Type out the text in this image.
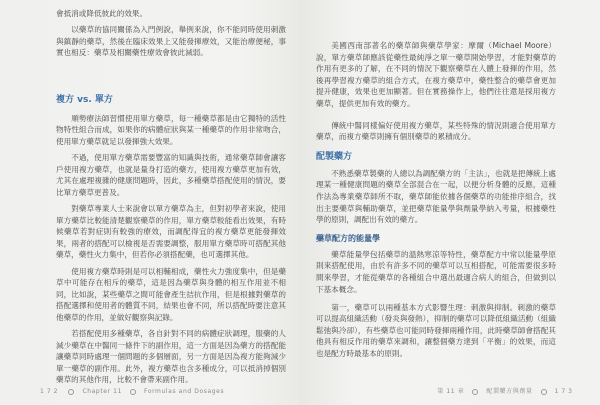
會抵消或降低彼此的效果。

以藥草的協同關係為入門例說，舉例來說，你不能同時使用刺激與鎮靜的藥草，然後在臨床效果上又能發揮療效，又能治療便秘，事實也相反：藥草及相關藥性療效會彼此減弱。

複方 vs. 單方

順勢療法師習慣使用單方藥草，每一種藥草都是由它獨特的活性物特性組合而成，如果你的病體症狀與某一種藥草的作用非常吻合，使用單方藥草就足以發揮強大效果。

不過，使用單方藥草需要豐富的知識與技術，通常藥草師會讓客戶使用複方藥草，也就是量身打造的藥方，使用複方藥草更加有效，尤其在處理複雜的健康問題時，因此，多種藥草搭配使用的情況，要比單方藥草更普及。

對藥草專業人士來說會以單方藥草為主，但對初學者來說，使用單方藥草比較能清楚觀察藥草的作用，單方藥草較能看出效果，有時候藥草若對症則有較強的療效，而調配得宜的複方藥草更能發揮效果，兩者的搭配可以檢視是否需要調整，服用單方藥草時可搭配其他藥草，藥性火力集中，但若你必須搭配藥，也可選擇其他。

使用複方藥草時則是可以相輔相成，藥性火力強度集中，但是藥草中可能存在相斥的藥草，這是因為藥草與身體的相互作用並不相同，比如說，某些藥草之間可能會產生拮抗作用，但是根據對藥草的搭配選擇和使用者的體質不同，結果也會不同，所以搭配時要注意其他藥草的作用，並做好觀察與記錄。

若搭配使用多種藥草，各自針對不同的病體症狀調理，服藥的人減少藥草在中醫同一條件下的副作用，這一方面是因為藥方的搭配能讓藥草同時處理一個問題的多個層面，另一方面是因為複方能夠減少單一藥草的副作用。此外，複方藥草也含多種成分，可以抵消掉個別藥草的其他作用，比較不會帶來副作用。

172	Chapter 11	Formulas and Dosages

美國西南部著名的藥草師與藥草學家：摩爾（Michael Moore）說，單方藥草師應該從藥性最純淨之單一藥草開始學習，才能對藥草的作用有更多的了解，在不同的情況下觀察藥草在人體上發揮的作用，然後再學習複方藥草的組合方式，在複方藥草中，藥性整合的藥草會更加提升健康，效果也更加顯著。但在實務操作上，他們往往還是採用複方藥草，提供更加有效的藥方。

傳統中醫同樣偏好使用複方藥草，某些特殊的情況則適合使用單方藥草，而複方藥草則擁有個別藥草的累積成分。

配製藥方

不熟悉藥草製藥的人總以為調配藥方的「主法」，也就是把傳統上處理某一種健康問題的藥草全部混合在一起，以便分析身體的反應，這種作法為專業藥草師所不取，藥草師能依據各個藥草的功能排序組合，找出主要藥草與輔助藥草，並把藥草能量學與劑量學納入考量，根據藥性學的原則，調配出有效的藥方。

藥草配方的能量學

藥草能量學包括藥草的溫熱寒涼等特性，藥草配方中常以能量學原則來搭配使用，由於有許多不同的藥草可以互相搭配，可能需要很多時間來學習，才能從藥草的各種組合中選出最適合病人的組合，但做到以下基本概念。

第一，藥草可以兩種基本方式影響生理：刺激與抑制。刺激的藥草可以提高組織活動（發炎與發熱），抑制的藥草可以降低組織活動（組織鬆弛與冷卻），有些藥草也可能同時發揮兩種作用，此時藥草師會搭配其他具有相反作用的藥草來調和，讓整個藥方達到「平衡」的效果，而這也是配方時最基本的原則。

第 11 章	配製藥方與劑量	173
